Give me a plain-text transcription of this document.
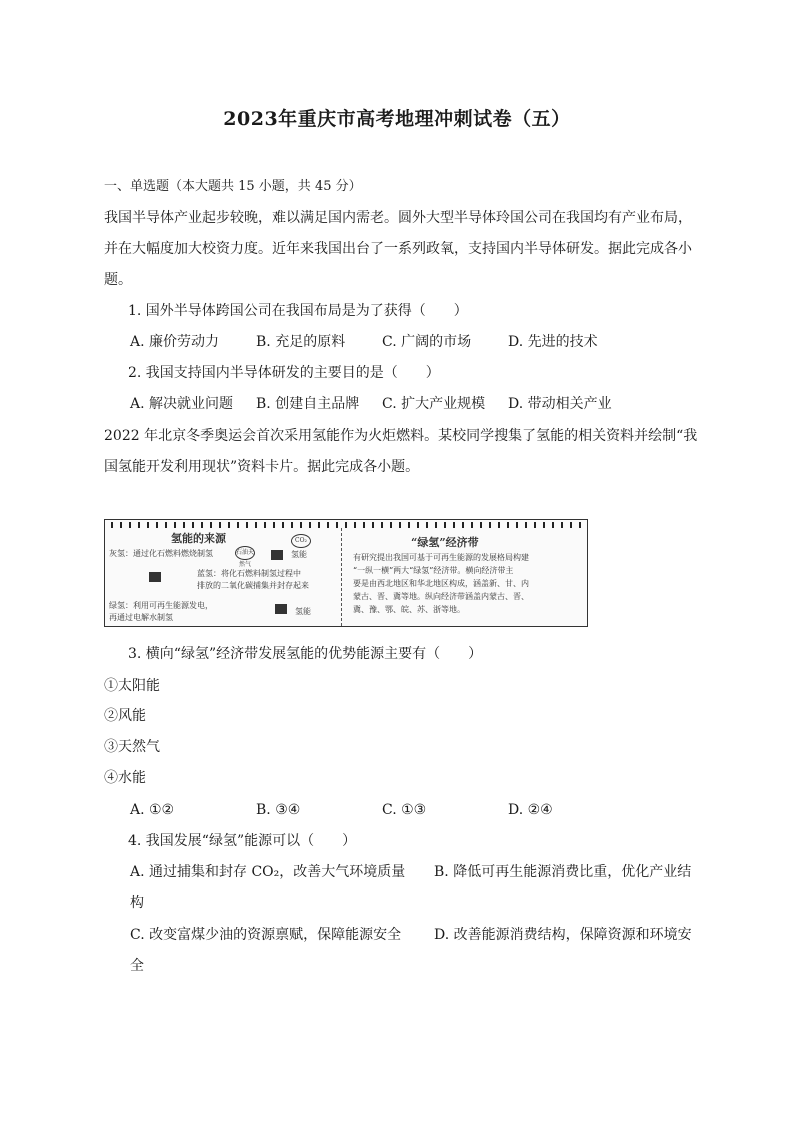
2023年重庆市高考地理冲刺试卷（五）
一、单选题（本大题共 15 小题，共 45 分）
我国半导体产业起步较晚，难以满足国内需老。圆外大型半导体玲国公司在我国均有产业布局，
并在大幅度加大校资力度。近年来我国出台了一系列政氧，支持国内半导体研发。据此完成各小
题。
1. 国外半导体跨国公司在我国布局是为了获得（　　）
A. 廉价劳动力	B. 充足的原料	C. 广阔的市场	D. 先进的技术
2. 我国支持国内半导体研发的主要目的是（　　）
A. 解决就业问题	B. 创建自主品牌	C. 扩大产业规模	D. 带动相关产业
2022 年北京冬季奥运会首次采用氢能作为火炬燃料。某校同学搜集了氢能的相关资料并绘制“我
国氢能开发利用现状”资料卡片。据此完成各小题。
氢能的来源
灰氢：通过化石燃料燃烧制氢	石油天然气
CO₂
氢能
蓝氢：将化石燃料制氢过程中
排放的二氧化碳捕集并封存起来
绿氢：利用可再生能源发电，
再通过电解水制氢
氢能
“绿氢”经济带
有研究提出我国可基于可再生能源的发展格局构建
“一纵一横”两大“绿氢”经济带。横向经济带主
要是由西北地区和华北地区构成，涵盖新、甘、内
蒙古、晋、冀等地。纵向经济带涵盖内蒙古、晋、
冀、豫、鄂、皖、苏、浙等地。
3. 横向“绿氢”经济带发展氢能的优势能源主要有（　　）
①太阳能
②风能
③天然气
④水能
A. ①②	B. ③④	C. ①③	D. ②④
4. 我国发展“绿氢”能源可以（　　）
A. 通过捕集和封存 CO₂，改善大气环境质量 B. 降低可再生能源消费比重，优化产业结
构
C. 改变富煤少油的资源禀赋，保障能源安全 D. 改善能源消费结构，保障资源和环境安
全
